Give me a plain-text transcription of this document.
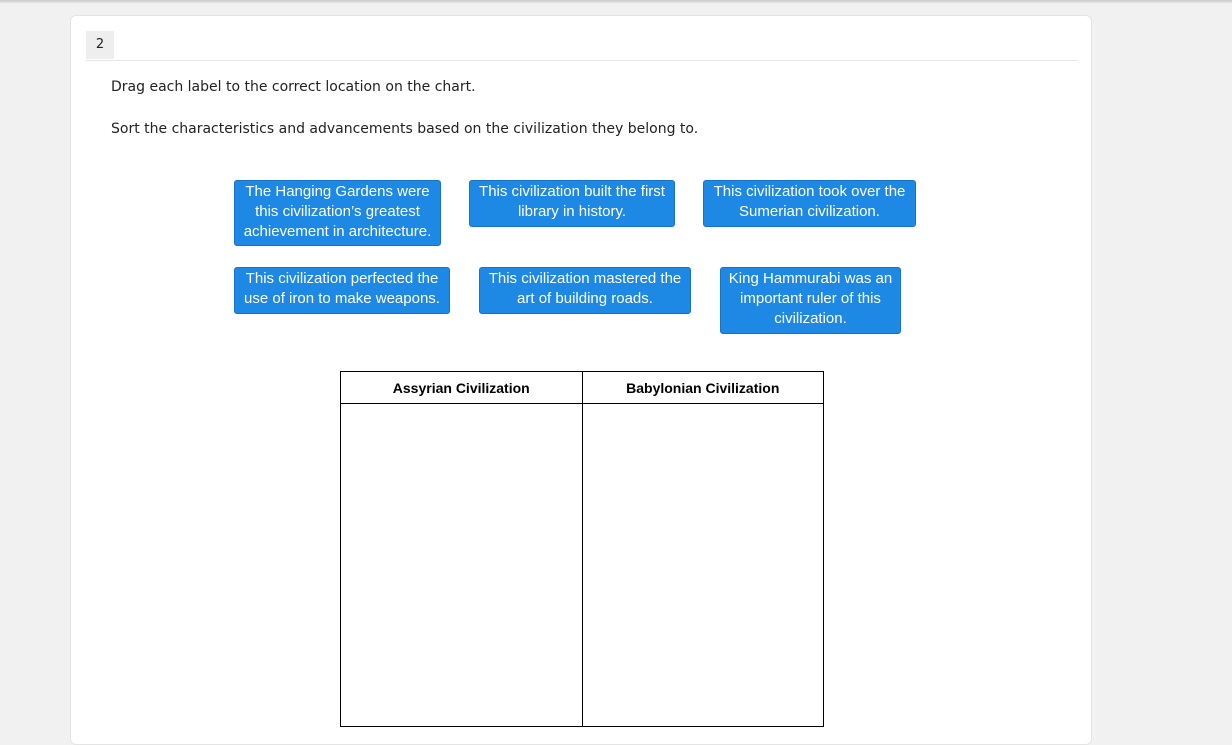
2
Drag each label to the correct location on the chart.
Sort the characteristics and advancements based on the civilization they belong to.
The Hanging Gardens were this civilization’s greatest achievement in architecture.
This civilization built the first library in history.
This civilization took over the Sumerian civilization.
This civilization perfected the use of iron to make weapons.
This civilization mastered the art of building roads.
King Hammurabi was an important ruler of this civilization.
Assyrian Civilization	Babylonian Civilization
